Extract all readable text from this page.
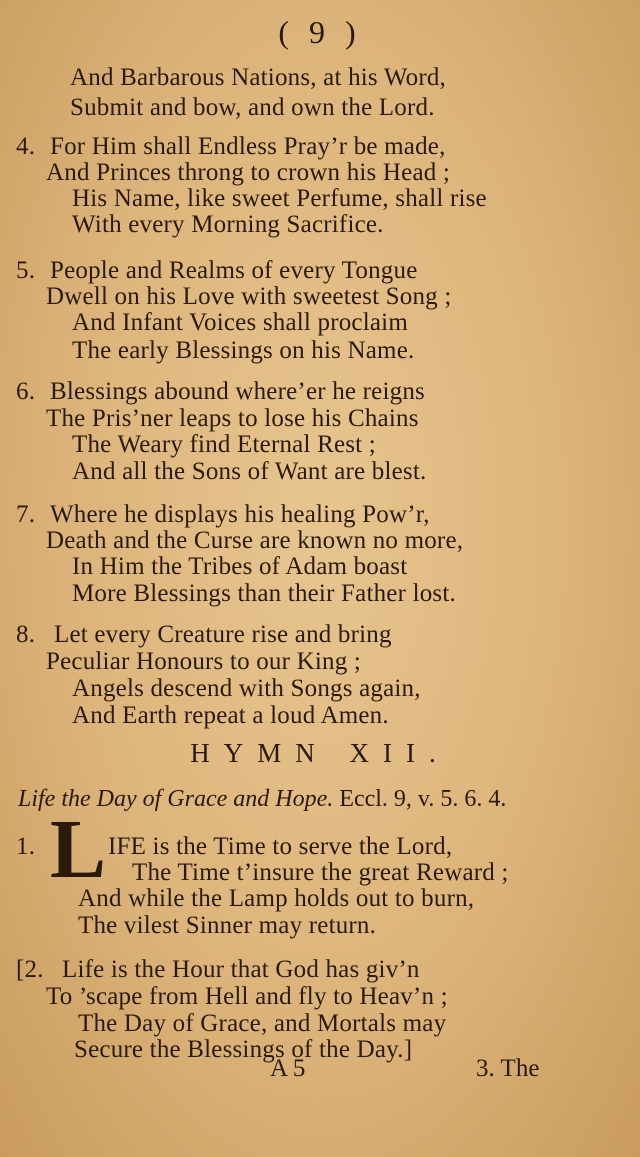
( 9 )
And Barbarous Nations, at his Word,
Submit and bow, and own the Lord.
4. For Him shall Endless Pray’r be made,
And Princes throng to crown his Head ;
His Name, like sweet Perfume, shall rise
With every Morning Sacrifice.
5. People and Realms of every Tongue
Dwell on his Love with sweetest Song ;
And Infant Voices shall proclaim
The early Blessings on his Name.
6. Blessings abound where’er he reigns
The Pris’ner leaps to lose his Chains
The Weary find Eternal Rest ;
And all the Sons of Want are blest.
7. Where he displays his healing Pow’r,
Death and the Curse are known no more,
In Him the Tribes of Adam boast
More Blessings than their Father lost.
8. Let every Creature rise and bring
Peculiar Honours to our King ;
Angels descend with Songs again,
And Earth repeat a loud Amen.
HYMN XII.
Life the Day of Grace and Hope. Eccl. 9, v. 5. 6. 4.
1. L IFE is the Time to serve the Lord,
The Time t’insure the great Reward ;
And while the Lamp holds out to burn,
The vilest Sinner may return.
[2. Life is the Hour that God has giv’n
To ’scape from Hell and fly to Heav’n ;
The Day of Grace, and Mortals may
Secure the Blessings of the Day.]
A 5	3. The
